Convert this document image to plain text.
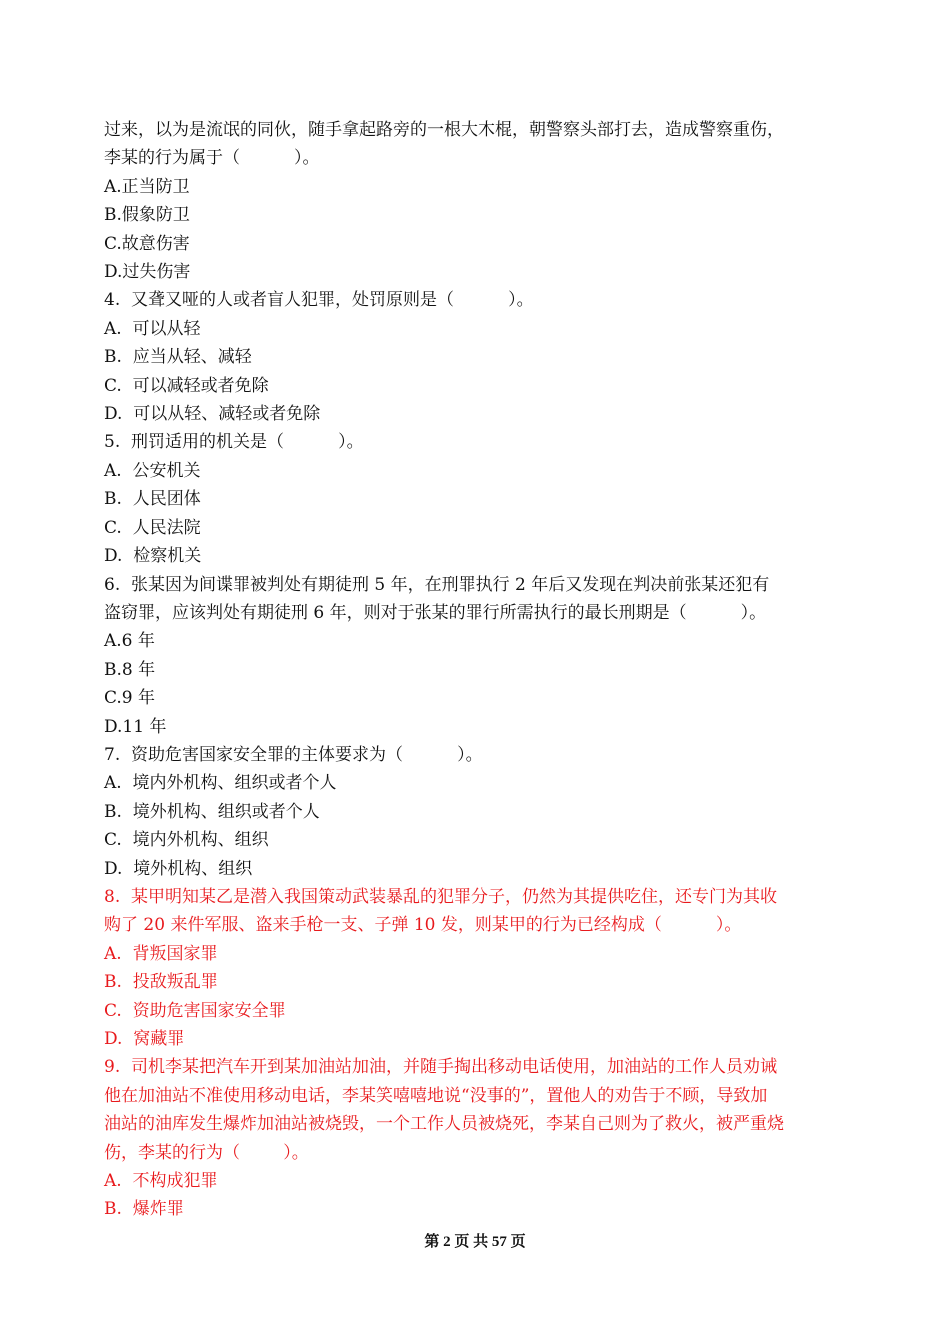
过来，以为是流氓的同伙，随手拿起路旁的一根大木棍，朝警察头部打去，造成警察重伤，
李某的行为属于（          ）。
A.正当防卫
B.假象防卫
C.故意伤害
D.过失伤害
4.  又聋又哑的人或者盲人犯罪，处罚原则是（          ）。
A.  可以从轻
B.  应当从轻、减轻
C.  可以减轻或者免除
D.  可以从轻、减轻或者免除
5.  刑罚适用的机关是（          ）。
A.  公安机关
B.  人民团体
C.  人民法院
D.  检察机关
6.  张某因为间谍罪被判处有期徒刑 5 年，在刑罪执行 2 年后又发现在判决前张某还犯有
盗窃罪，应该判处有期徒刑 6 年，则对于张某的罪行所需执行的最长刑期是（          ）。
A.6 年
B.8 年
C.9 年
D.11 年
7.  资助危害国家安全罪的主体要求为（          ）。
A.  境内外机构、组织或者个人
B.  境外机构、组织或者个人
C.  境内外机构、组织
D.  境外机构、组织
8.  某甲明知某乙是潜入我国策动武装暴乱的犯罪分子，仍然为其提供吃住，还专门为其收
购了 20 来件军服、盗来手枪一支、子弹 10 发，则某甲的行为已经构成（          ）。
A.  背叛国家罪
B.  投敌叛乱罪
C.  资助危害国家安全罪
D.  窝藏罪
9.  司机李某把汽车开到某加油站加油，并随手掏出移动电话使用，加油站的工作人员劝诫
他在加油站不准使用移动电话，李某笑嘻嘻地说“没事的”，置他人的劝告于不顾，导致加
油站的油库发生爆炸加油站被烧毁，一个工作人员被烧死，李某自己则为了救火，被严重烧
伤，李某的行为（        ）。
A.  不构成犯罪
B.  爆炸罪
第 2 页 共 57 页
